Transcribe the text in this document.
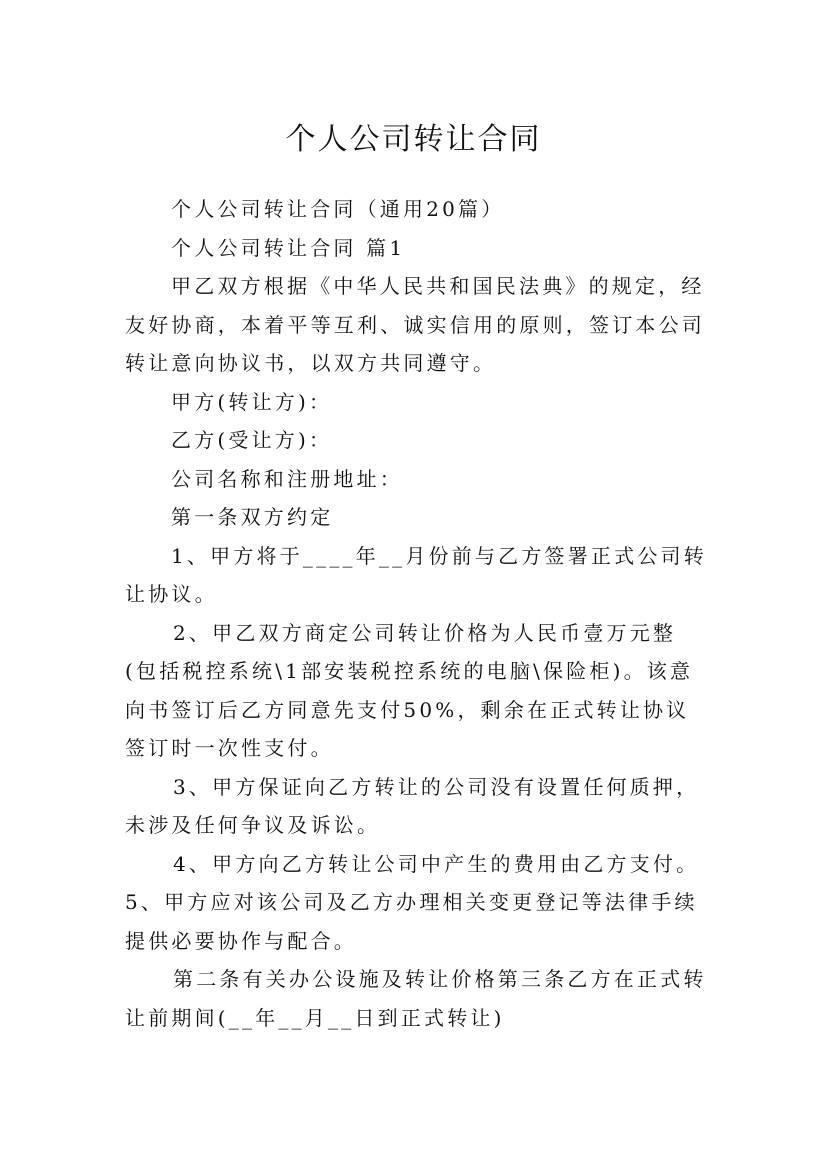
个人公司转让合同

个人公司转让合同（通用20篇）

个人公司转让合同 篇1

甲乙双方根据《中华人民共和国民法典》的规定，经友好协商，本着平等互利、诚实信用的原则，签订本公司转让意向协议书，以双方共同遵守。

甲方(转让方)：

乙方(受让方)：

公司名称和注册地址：

第一条双方约定

1、甲方将于____年__月份前与乙方签署正式公司转让协议。

2、甲乙双方商定公司转让价格为人民币壹万元整(包括税控系统\1部安装税控系统的电脑\保险柜)。该意向书签订后乙方同意先支付50%，剩余在正式转让协议签订时一次性支付。

3、甲方保证向乙方转让的公司没有设置任何质押，未涉及任何争议及诉讼。

4、甲方向乙方转让公司中产生的费用由乙方支付。5、甲方应对该公司及乙方办理相关变更登记等法律手续提供必要协作与配合。

第二条有关办公设施及转让价格第三条乙方在正式转让前期间(__年__月__日到正式转让)
